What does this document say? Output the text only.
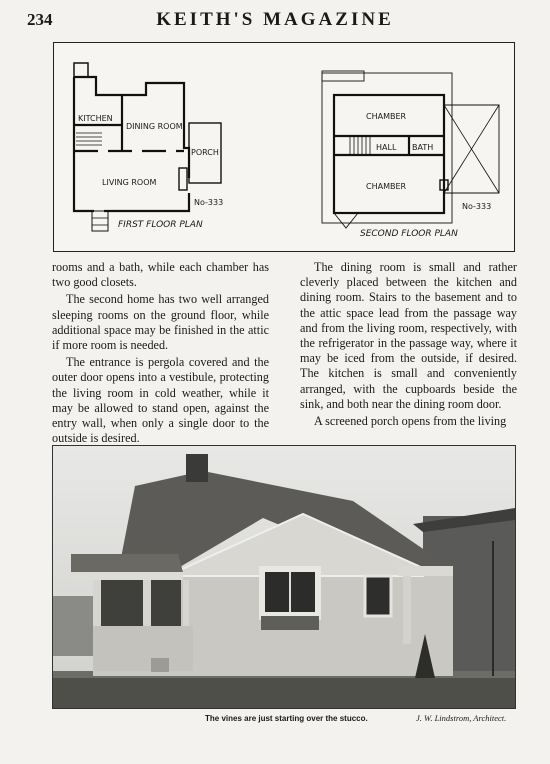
234	KEITH'S MAGAZINE
KITCHEN
DINING ROOM
PORCH
LIVING ROOM
No-333
FIRST FLOOR PLAN
CHAMBER
HALL BATH
CHAMBER
No-333
SECOND FLOOR PLAN

rooms and a bath, while each chamber has two good closets.

The second home has two well arranged sleeping rooms on the ground floor, while additional space may be finished in the attic if more room is needed.

The entrance is pergola covered and the outer door opens into a vestibule, protecting the living room in cold weather, while it may be allowed to stand open, against the entry wall, when only a single door to the outside is desired.

The dining room is small and rather cleverly placed between the kitchen and dining room. Stairs to the basement and to the attic space lead from the passage way and from the living room, respectively, with the refrigerator in the passage way, where it may be iced from the outside, if desired. The kitchen is small and conveniently arranged, with the cupboards beside the sink, and both near the dining room door.

A screened porch opens from the living

The vines are just starting over the stucco.	J. W. Lindstrom, Architect.
